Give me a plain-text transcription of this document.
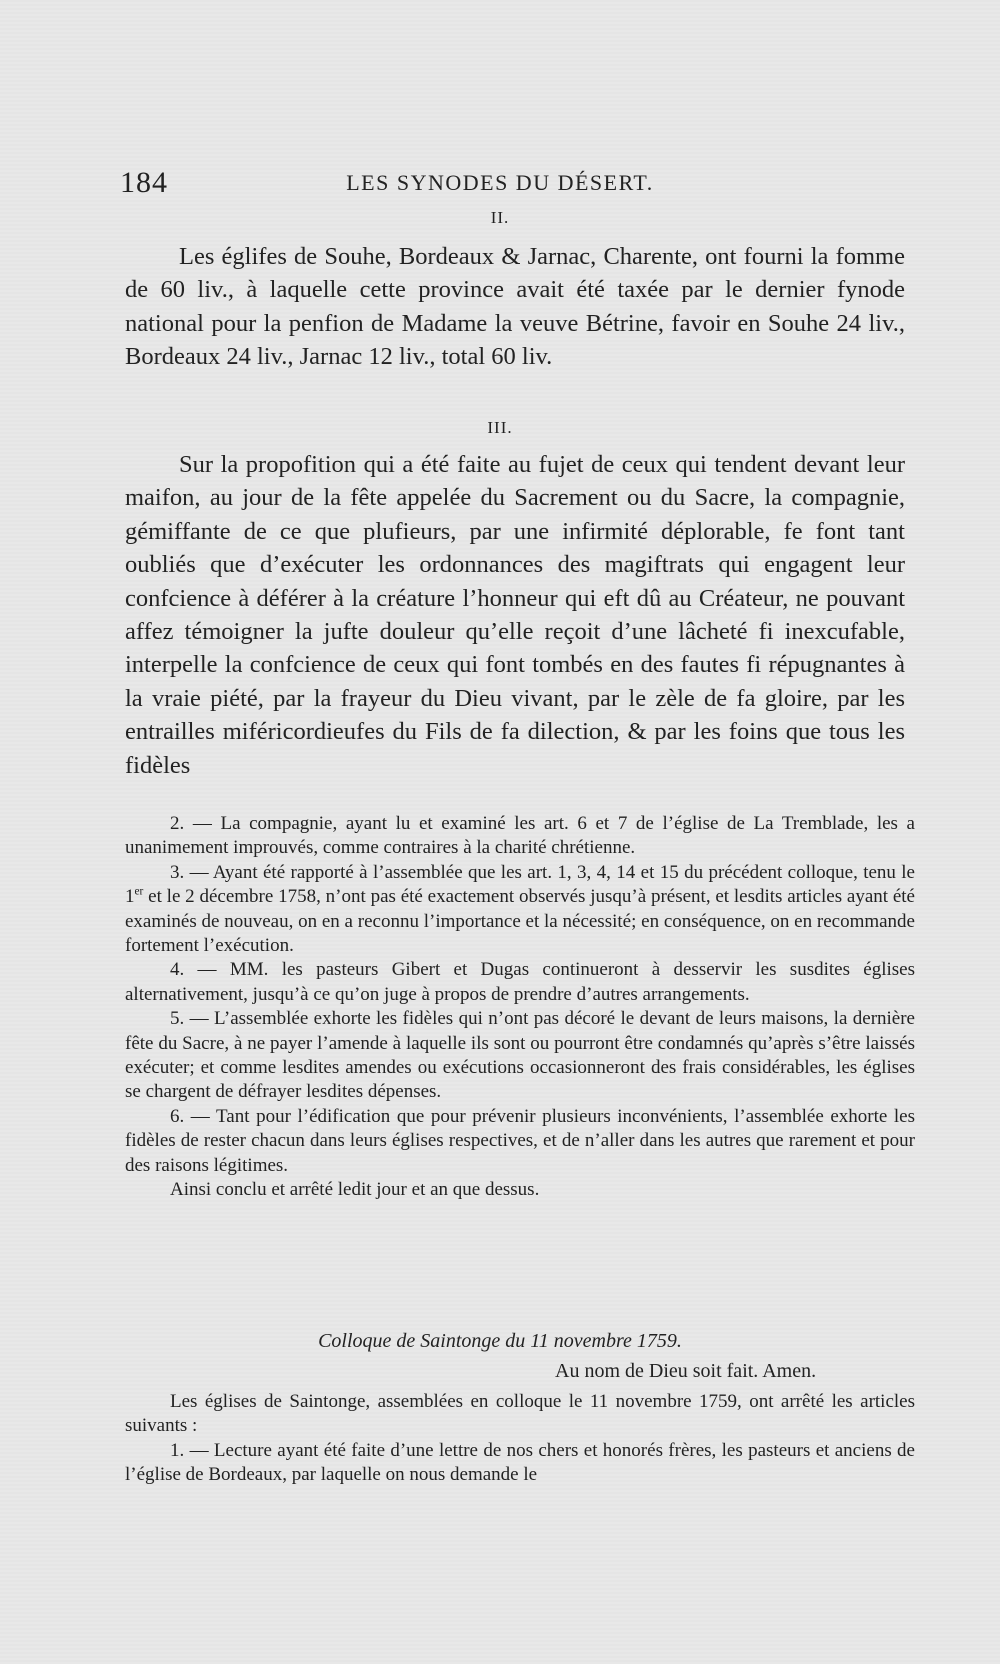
184	LES SYNODES DU DÉSERT.
II.

Les églifes de Souhe, Bordeaux & Jarnac, Charente, ont fourni la fomme de 60 liv., à laquelle cette province avait été taxée par le dernier fynode national pour la penfion de Madame la veuve Bétrine, favoir en Souhe 24 liv., Bordeaux 24 liv., Jarnac 12 liv., total 60 liv.

III.

Sur la propofition qui a été faite au fujet de ceux qui tendent devant leur maifon, au jour de la fête appelée du Sacrement ou du Sacre, la compagnie, gémiffante de ce que plufieurs, par une infirmité déplorable, fe font tant oubliés que d’exécuter les ordonnances des magiftrats qui engagent leur confcience à déférer à la créature l’honneur qui eft dû au Créateur, ne pouvant affez témoigner la jufte douleur qu’elle reçoit d’une lâcheté fi inexcufable, interpelle la confcience de ceux qui font tombés en des fautes fi répugnantes à la vraie piété, par la frayeur du Dieu vivant, par le zèle de fa gloire, par les entrailles miféricordieufes du Fils de fa dilection, & par les foins que tous les fidèles

2. — La compagnie, ayant lu et examiné les art. 6 et 7 de l’église de La Tremblade, les a unanimement improuvés, comme contraires à la charité chrétienne.

3. — Ayant été rapporté à l’assemblée que les art. 1, 3, 4, 14 et 15 du précédent colloque, tenu le 1er et le 2 décembre 1758, n’ont pas été exactement observés jusqu’à présent, et lesdits articles ayant été examinés de nouveau, on en a reconnu l’importance et la nécessité; en conséquence, on en recommande fortement l’exécution.

4. — MM. les pasteurs Gibert et Dugas continueront à desservir les susdites églises alternativement, jusqu’à ce qu’on juge à propos de prendre d’autres arrangements.

5. — L’assemblée exhorte les fidèles qui n’ont pas décoré le devant de leurs maisons, la dernière fête du Sacre, à ne payer l’amende à laquelle ils sont ou pourront être condamnés qu’après s’être laissés exécuter; et comme lesdites amendes ou exécutions occasionneront des frais considérables, les églises se chargent de défrayer lesdites dépenses.

6. — Tant pour l’édification que pour prévenir plusieurs inconvénients, l’assemblée exhorte les fidèles de rester chacun dans leurs églises respectives, et de n’aller dans les autres que rarement et pour des raisons légitimes.

Ainsi conclu et arrêté ledit jour et an que dessus.

Colloque de Saintonge du 11 novembre 1759.
Au nom de Dieu soit fait. Amen.

Les églises de Saintonge, assemblées en colloque le 11 novembre 1759, ont arrêté les articles suivants :

1. — Lecture ayant été faite d’une lettre de nos chers et honorés frères, les pasteurs et anciens de l’église de Bordeaux, par laquelle on nous demande le
